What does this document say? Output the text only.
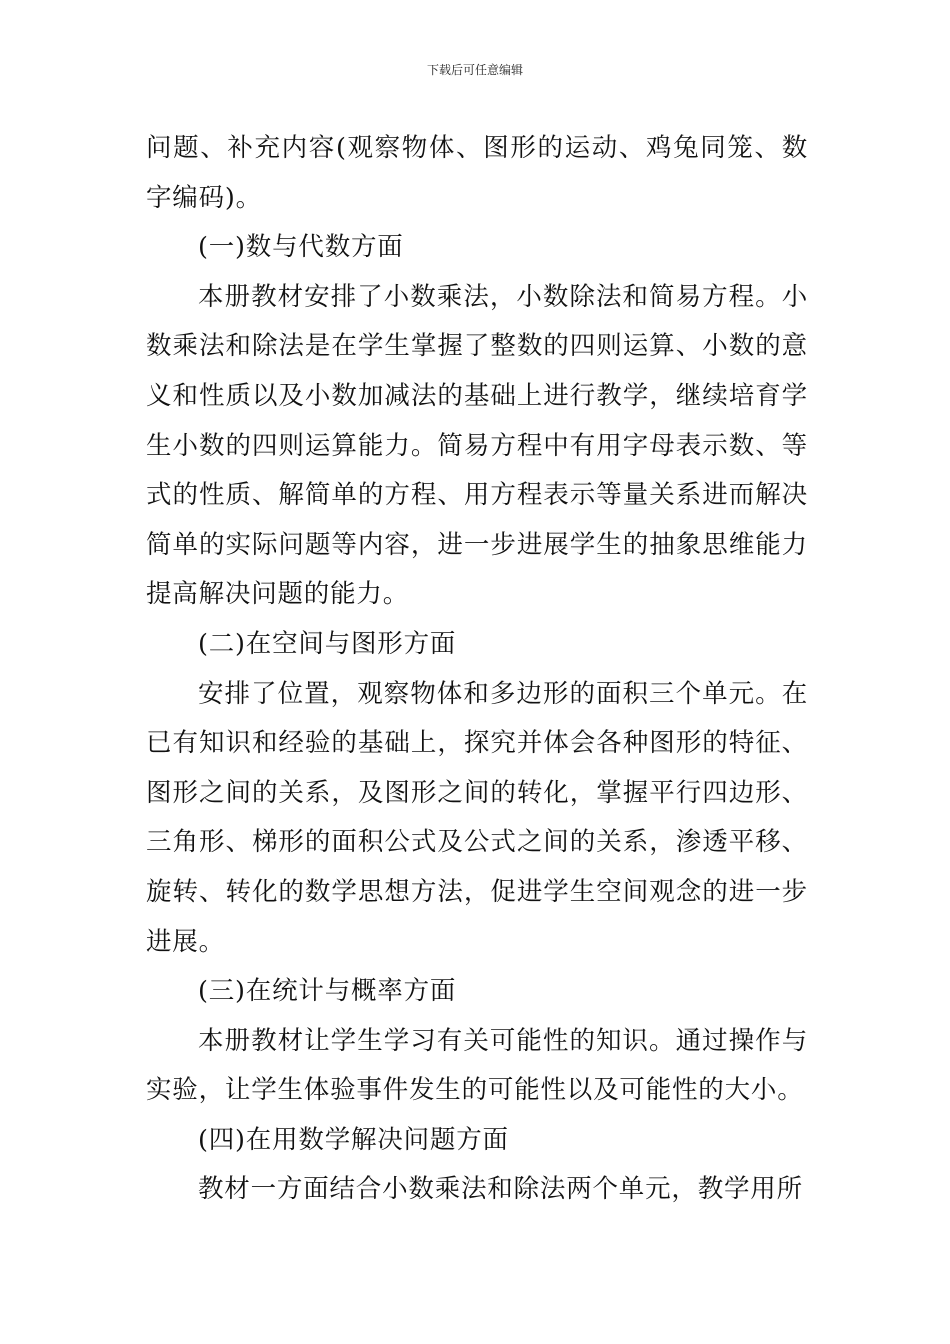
下载后可任意编辑

问题、补充内容(观察物体、图形的运动、鸡兔同笼、数字编码)。

(一)数与代数方面

本册教材安排了小数乘法，小数除法和简易方程。小数乘法和除法是在学生掌握了整数的四则运算、小数的意义和性质以及小数加减法的基础上进行教学，继续培育学生小数的四则运算能力。简易方程中有用字母表示数、等式的性质、解简单的方程、用方程表示等量关系进而解决简单的实际问题等内容，进一步进展学生的抽象思维能力提高解决问题的能力。

(二)在空间与图形方面

安排了位置，观察物体和多边形的面积三个单元。在已有知识和经验的基础上，探究并体会各种图形的特征、图形之间的关系，及图形之间的转化，掌握平行四边形、三角形、梯形的面积公式及公式之间的关系，渗透平移、旋转、转化的数学思想方法，促进学生空间观念的进一步进展。

(三)在统计与概率方面

本册教材让学生学习有关可能性的知识。通过操作与实验，让学生体验事件发生的可能性以及可能性的大小。

(四)在用数学解决问题方面

教材一方面结合小数乘法和除法两个单元，教学用所
